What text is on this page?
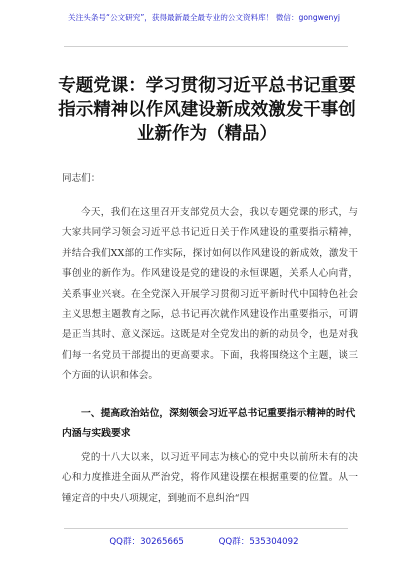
关注头条号“公文研究”，获得最新最全最专业的公文资料库！ 微信：gongwenyj
专题党课：学习贯彻习近平总书记重要指示精神以作风建设新成效激发干事创业新作为（精品）
同志们：
今天，我们在这里召开支部党员大会，我以专题党课的形式，与大家共同学习领会习近平总书记近日关于作风建设的重要指示精神，并结合我们XX部的工作实际，探讨如何以作风建设的新成效，激发干事创业的新作为。作风建设是党的建设的永恒课题，关系人心向背，关系事业兴衰。在全党深入开展学习贯彻习近平新时代中国特色社会主义思想主题教育之际，总书记再次就作风建设作出重要指示，可谓是正当其时、意义深远。这既是对全党发出的新的动员令，也是对我们每一名党员干部提出的更高要求。下面，我将围绕这个主题，谈三个方面的认识和体会。
一、提高政治站位，深刻领会习近平总书记重要指示精神的时代内涵与实践要求
党的十八大以来，以习近平同志为核心的党中央以前所未有的决心和力度推进全面从严治党，将作风建设摆在根据重要的位置。从一锤定音的中央八项规定，到驰而不息纠治“四
QQ群：30265665	QQ群：535304092
